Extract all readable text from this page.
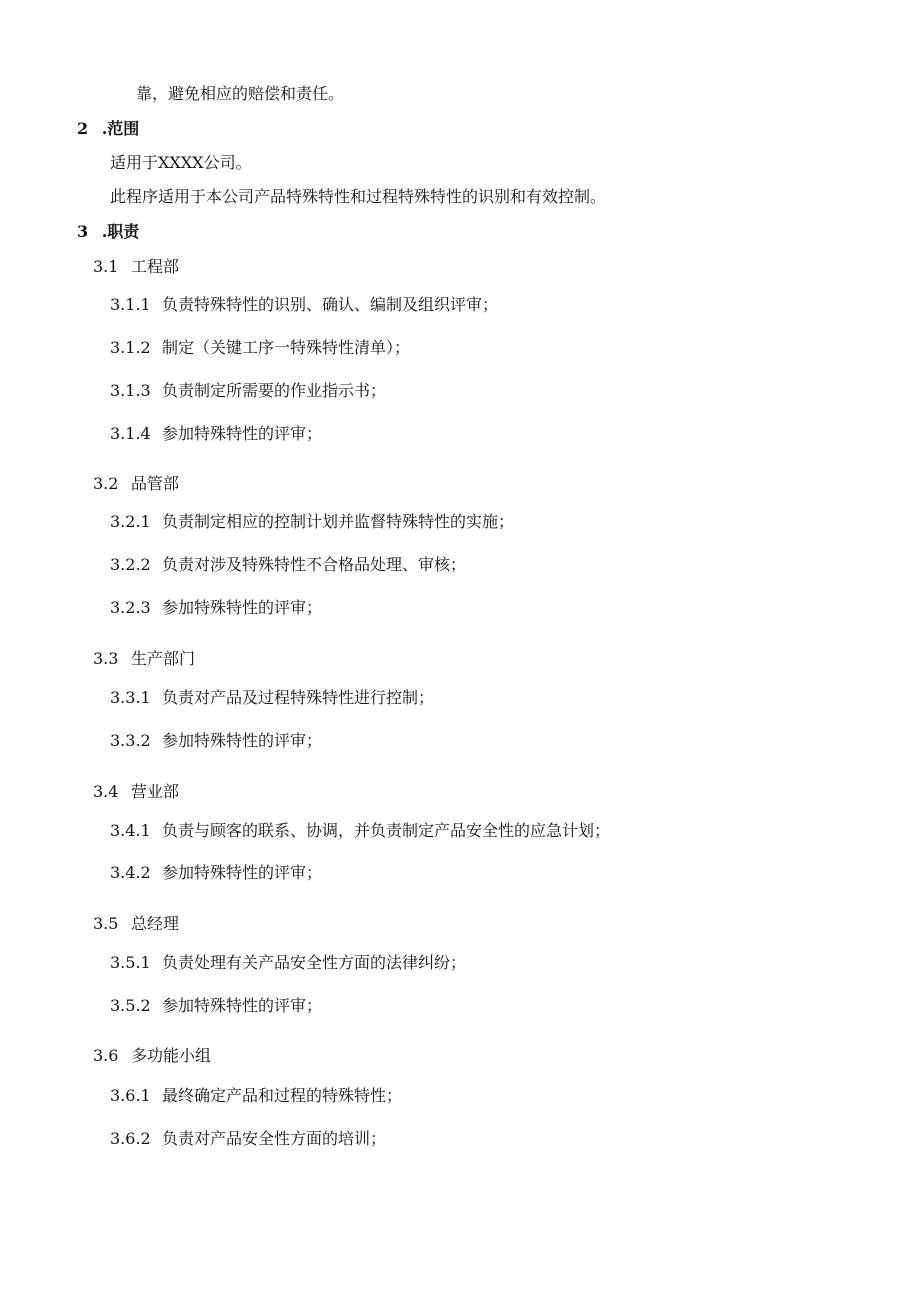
靠，避免相应的赔偿和责任。
2 .范围
适用于XXXX公司。
此程序适用于本公司产品特殊特性和过程特殊特性的识别和有效控制。
3 .职责
3.1 工程部
3.1.1 负责特殊特性的识别、确认、编制及组织评审；
3.1.2 制定（关键工序一特殊特性清单）；
3.1.3 负责制定所需要的作业指示书；
3.1.4 参加特殊特性的评审；
3.2 品管部
3.2.1 负责制定相应的控制计划并监督特殊特性的实施；
3.2.2 负责对涉及特殊特性不合格品处理、审核；
3.2.3 参加特殊特性的评审；
3.3 生产部门
3.3.1 负责对产品及过程特殊特性进行控制；
3.3.2 参加特殊特性的评审；
3.4 营业部
3.4.1 负责与顾客的联系、协调，并负责制定产品安全性的应急计划；
3.4.2 参加特殊特性的评审；
3.5 总经理
3.5.1 负责处理有关产品安全性方面的法律纠纷；
3.5.2 参加特殊特性的评审；
3.6 多功能小组
3.6.1 最终确定产品和过程的特殊特性；
3.6.2 负责对产品安全性方面的培训；
